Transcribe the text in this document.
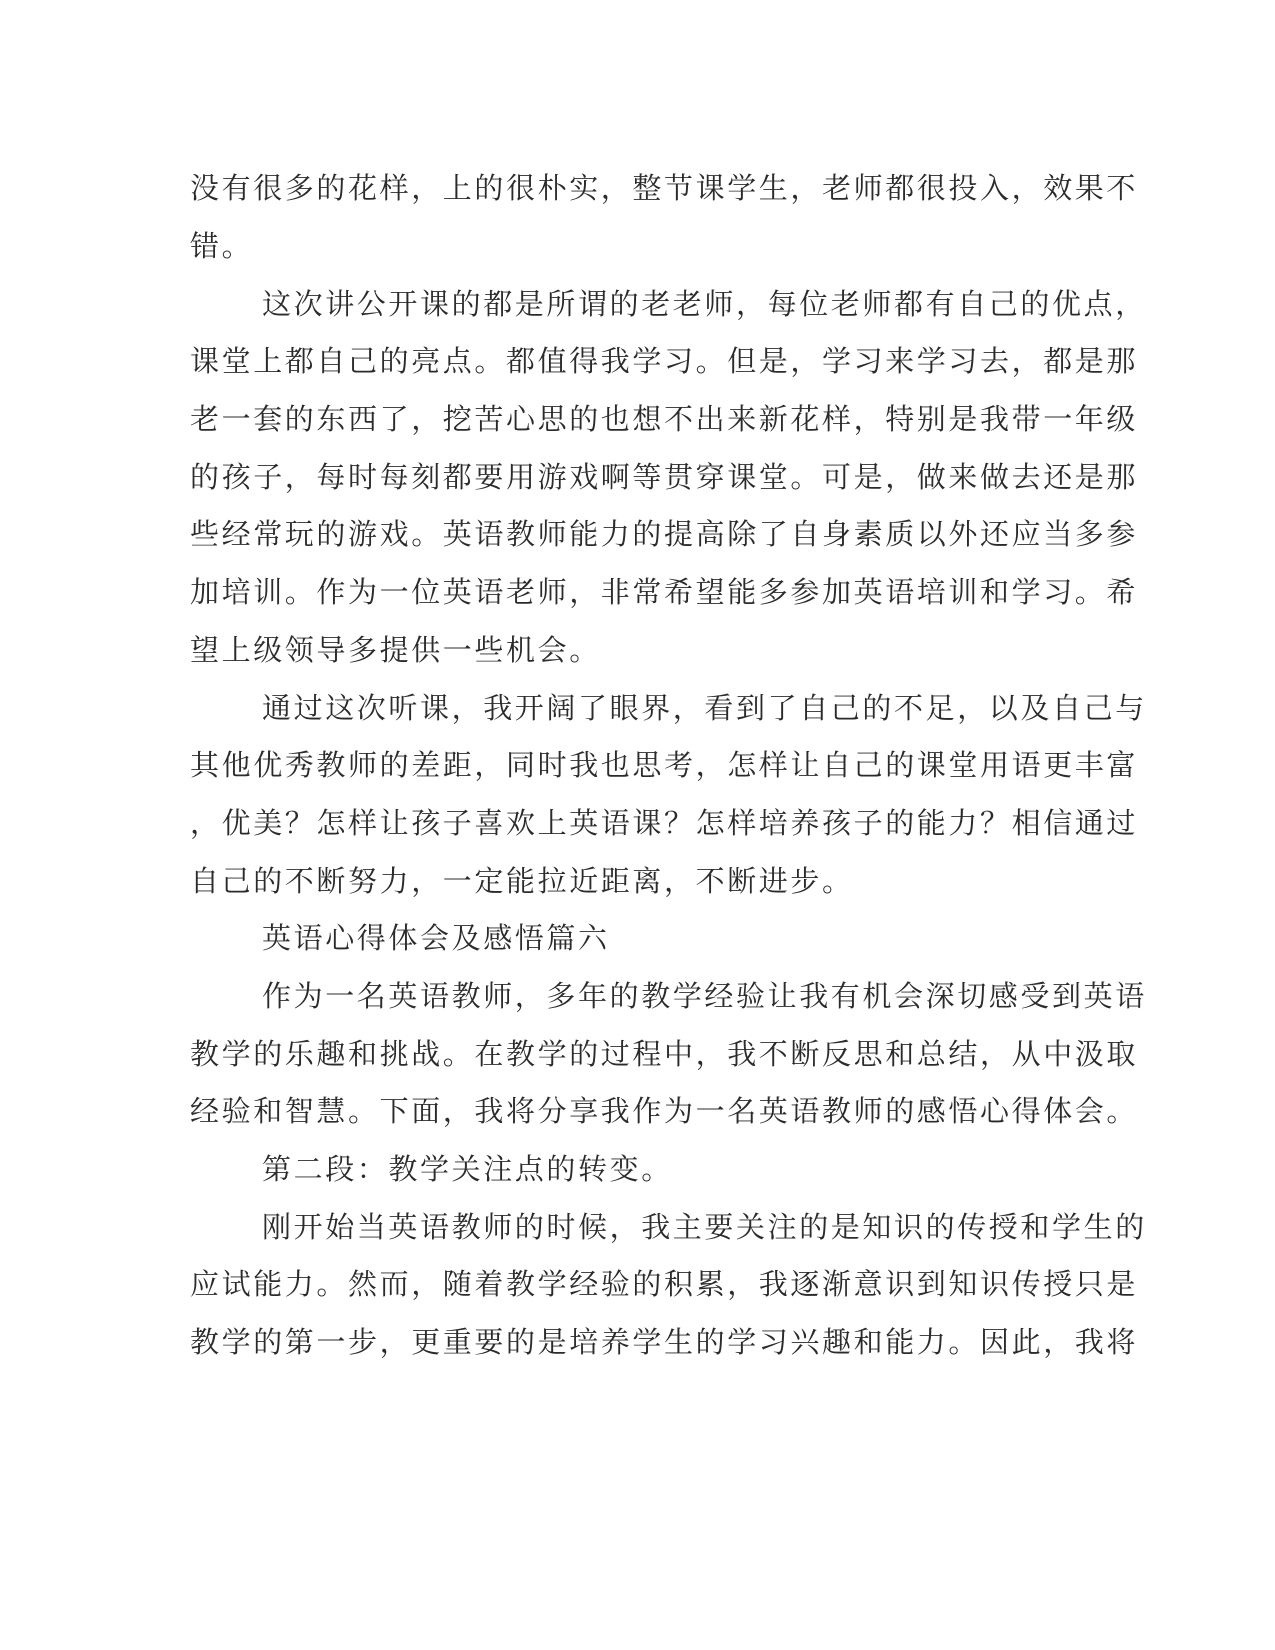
没有很多的花样，上的很朴实，整节课学生，老师都很投入，效果不
错。
这次讲公开课的都是所谓的老老师，每位老师都有自己的优点，
课堂上都自己的亮点。都值得我学习。但是，学习来学习去，都是那
老一套的东西了，挖苦心思的也想不出来新花样，特别是我带一年级
的孩子，每时每刻都要用游戏啊等贯穿课堂。可是，做来做去还是那
些经常玩的游戏。英语教师能力的提高除了自身素质以外还应当多参
加培训。作为一位英语老师，非常希望能多参加英语培训和学习。希
望上级领导多提供一些机会。
通过这次听课，我开阔了眼界，看到了自己的不足，以及自己与
其他优秀教师的差距，同时我也思考，怎样让自己的课堂用语更丰富
，优美？怎样让孩子喜欢上英语课？怎样培养孩子的能力？相信通过
自己的不断努力，一定能拉近距离，不断进步。
英语心得体会及感悟篇六
作为一名英语教师，多年的教学经验让我有机会深切感受到英语
教学的乐趣和挑战。在教学的过程中，我不断反思和总结，从中汲取
经验和智慧。下面，我将分享我作为一名英语教师的感悟心得体会。
第二段：教学关注点的转变。
刚开始当英语教师的时候，我主要关注的是知识的传授和学生的
应试能力。然而，随着教学经验的积累，我逐渐意识到知识传授只是
教学的第一步，更重要的是培养学生的学习兴趣和能力。因此，我将
